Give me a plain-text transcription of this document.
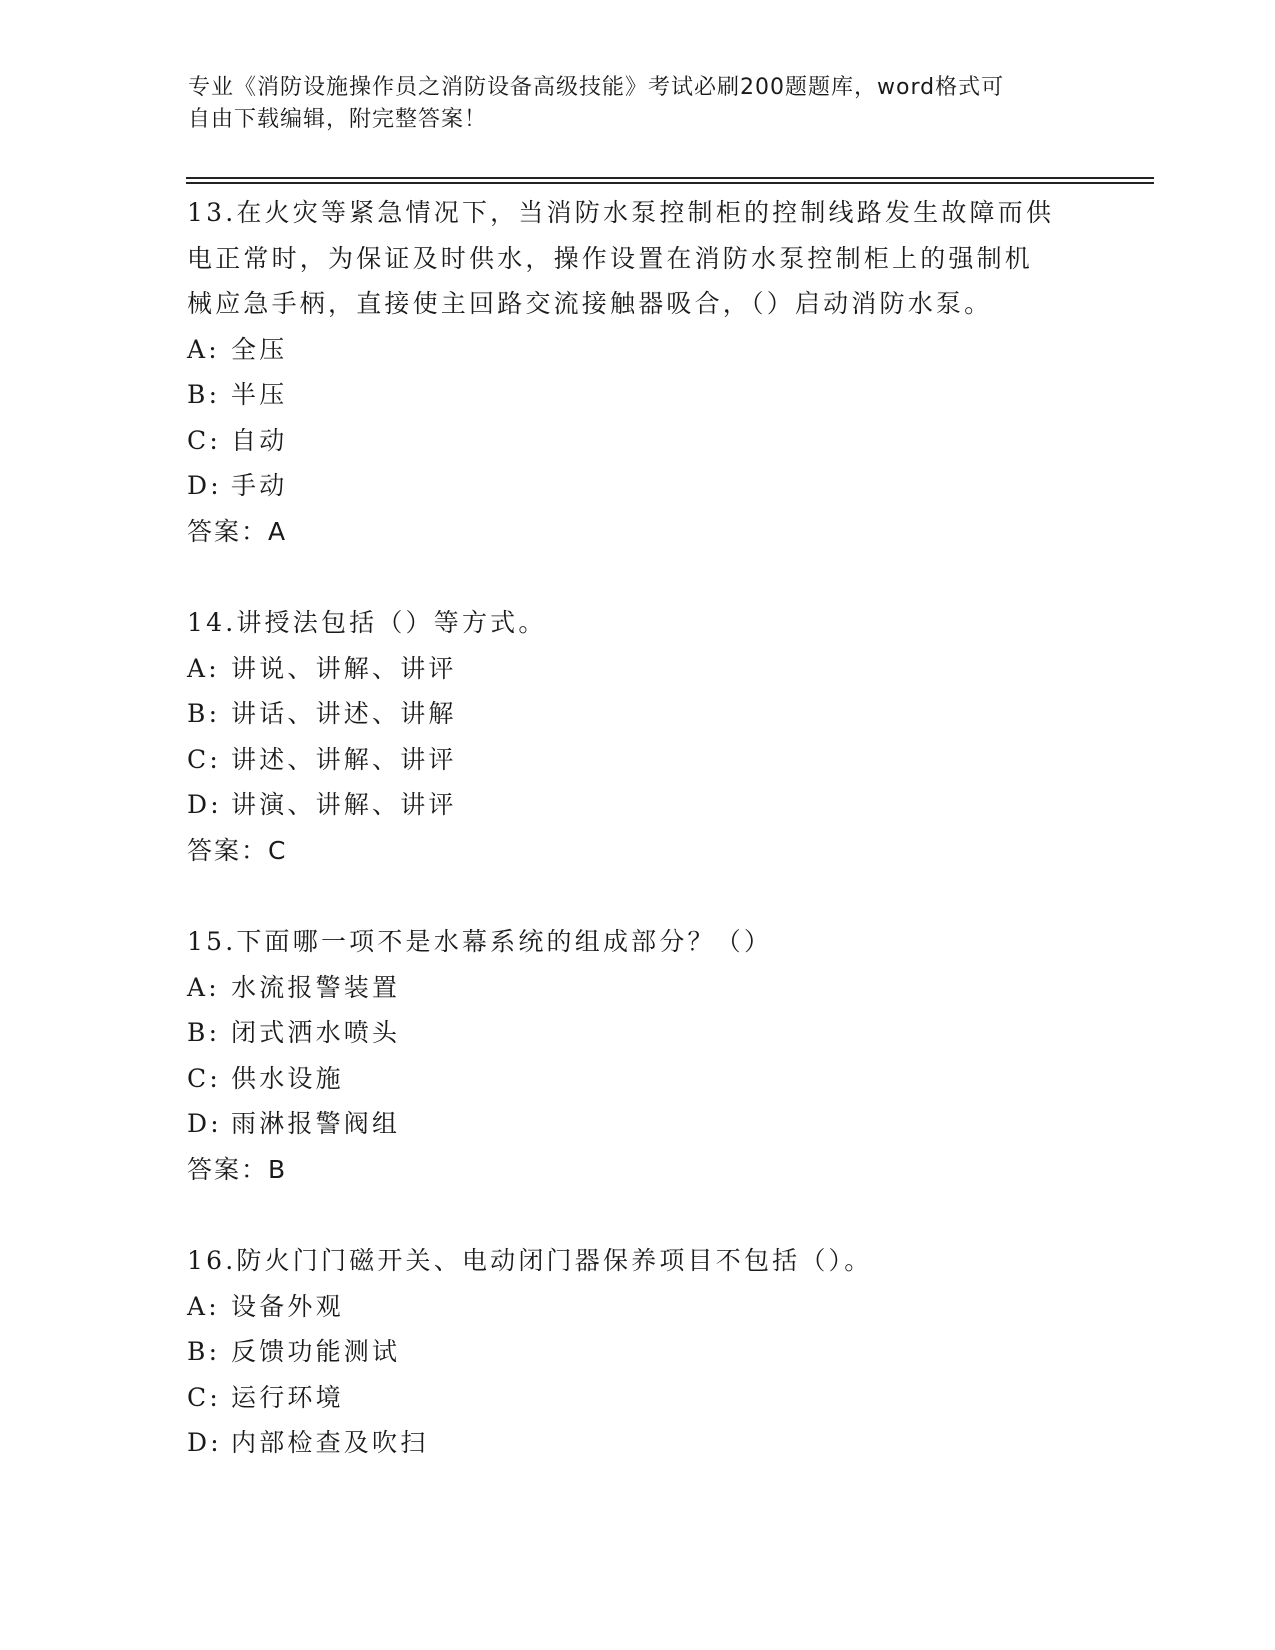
专业《消防设施操作员之消防设备高级技能》考试必刷200题题库，word格式可
自由下载编辑，附完整答案！
13.在火灾等紧急情况下，当消防水泵控制柜的控制线路发生故障而供
电正常时，为保证及时供水，操作设置在消防水泵控制柜上的强制机
械应急手柄，直接使主回路交流接触器吸合，（）启动消防水泵。
A: 全压
B: 半压
C: 自动
D: 手动
答案：A
14.讲授法包括（）等方式。
A: 讲说、讲解、讲评
B: 讲话、讲述、讲解
C: 讲述、讲解、讲评
D: 讲演、讲解、讲评
答案：C
15.下面哪一项不是水幕系统的组成部分？（）
A: 水流报警装置
B: 闭式洒水喷头
C: 供水设施
D: 雨淋报警阀组
答案：B
16.防火门门磁开关、电动闭门器保养项目不包括（）。
A: 设备外观
B: 反馈功能测试
C: 运行环境
D: 内部检查及吹扫
